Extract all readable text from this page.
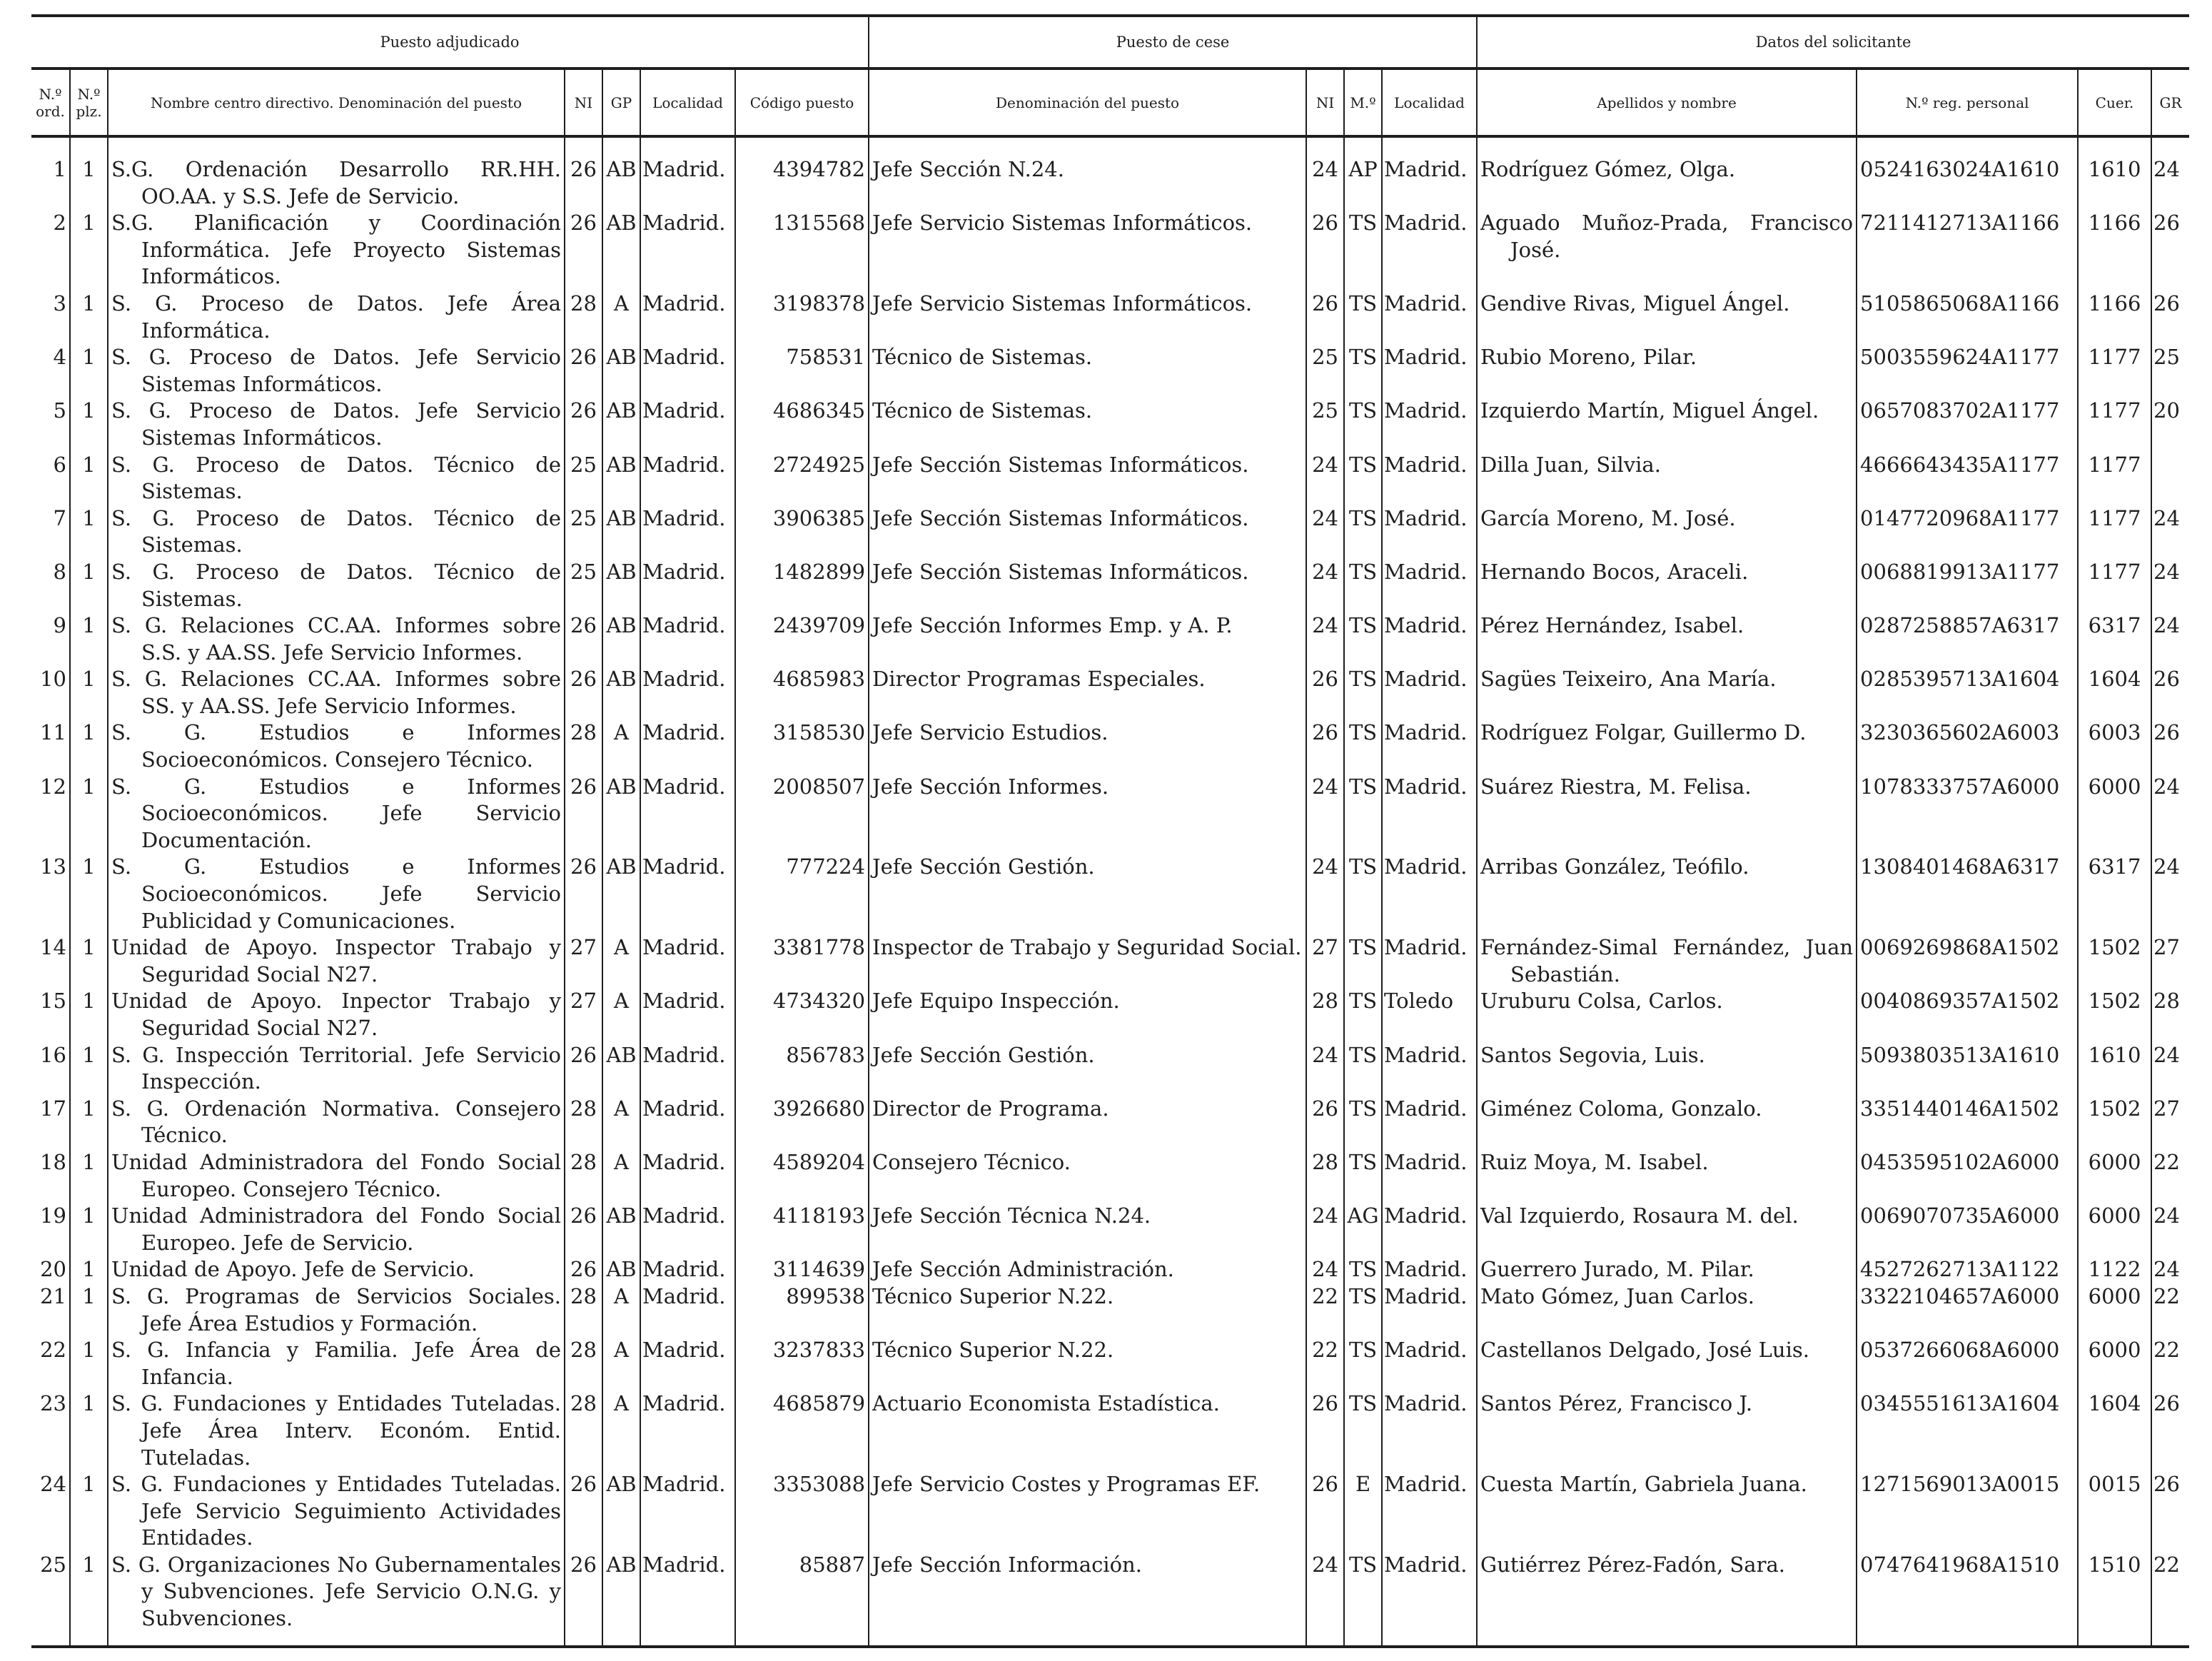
Puesto adjudicado							Puesto de cese				Datos del solicitante			
N.º ord.	N.º plz.	Nombre centro directivo. Denominación del puesto	NI	GP	Localidad	Código puesto	Denominación del puesto	NI	M.º	Localidad	Apellidos y nombre	N.º reg. personal	Cuer.	GR

1	1	S.G. Ordenación Desarrollo RR.HH. OO.AA. y S.S. Jefe de Servicio.	26	AB	Madrid.	4394782	Jefe Sección N.24.	24	AP	Madrid.	Rodríguez Gómez, Olga.	0524163024A1610	1610	24
2	1	S.G. Planificación y Coordinación Informática. Jefe Proyecto Sistemas Informáticos.	26	AB	Madrid.	1315568	Jefe Servicio Sistemas Informáticos.	26	TS	Madrid.	Aguado Muñoz-Prada, Francisco José.	7211412713A1166	1166	26
3	1	S. G. Proceso de Datos. Jefe Área Informática.	28	A	Madrid.	3198378	Jefe Servicio Sistemas Informáticos.	26	TS	Madrid.	Gendive Rivas, Miguel Ángel.	5105865068A1166	1166	26
4	1	S. G. Proceso de Datos. Jefe Servicio Sistemas Informáticos.	26	AB	Madrid.	758531	Técnico de Sistemas.	25	TS	Madrid.	Rubio Moreno, Pilar.	5003559624A1177	1177	25
5	1	S. G. Proceso de Datos. Jefe Servicio Sistemas Informáticos.	26	AB	Madrid.	4686345	Técnico de Sistemas.	25	TS	Madrid.	Izquierdo Martín, Miguel Ángel.	0657083702A1177	1177	20
6	1	S. G. Proceso de Datos. Técnico de Sistemas.	25	AB	Madrid.	2724925	Jefe Sección Sistemas Informáticos.	24	TS	Madrid.	Dilla Juan, Silvia.	4666643435A1177	1177	
7	1	S. G. Proceso de Datos. Técnico de Sistemas.	25	AB	Madrid.	3906385	Jefe Sección Sistemas Informáticos.	24	TS	Madrid.	García Moreno, M. José.	0147720968A1177	1177	24
8	1	S. G. Proceso de Datos. Técnico de Sistemas.	25	AB	Madrid.	1482899	Jefe Sección Sistemas Informáticos.	24	TS	Madrid.	Hernando Bocos, Araceli.	0068819913A1177	1177	24
9	1	S. G. Relaciones CC.AA. Informes sobre S.S. y AA.SS. Jefe Servicio Informes.	26	AB	Madrid.	2439709	Jefe Sección Informes Emp. y A. P.	24	TS	Madrid.	Pérez Hernández, Isabel.	0287258857A6317	6317	24
10	1	S. G. Relaciones CC.AA. Informes sobre SS. y AA.SS. Jefe Servicio Informes.	26	AB	Madrid.	4685983	Director Programas Especiales.	26	TS	Madrid.	Sagües Teixeiro, Ana María.	0285395713A1604	1604	26
11	1	S. G. Estudios e Informes Socioeconómicos. Consejero Técnico.	28	A	Madrid.	3158530	Jefe Servicio Estudios.	26	TS	Madrid.	Rodríguez Folgar, Guillermo D.	3230365602A6003	6003	26
12	1	S. G. Estudios e Informes Socioeconómicos. Jefe Servicio Documentación.	26	AB	Madrid.	2008507	Jefe Sección Informes.	24	TS	Madrid.	Suárez Riestra, M. Felisa.	1078333757A6000	6000	24
13	1	S. G. Estudios e Informes Socioeconómicos. Jefe Servicio Publicidad y Comunicaciones.	26	AB	Madrid.	777224	Jefe Sección Gestión.	24	TS	Madrid.	Arribas González, Teófilo.	1308401468A6317	6317	24
14	1	Unidad de Apoyo. Inspector Trabajo y Seguridad Social N27.	27	A	Madrid.	3381778	Inspector de Trabajo y Seguridad Social.	27	TS	Madrid.	Fernández-Simal Fernández, Juan Sebastián.	0069269868A1502	1502	27
15	1	Unidad de Apoyo. Inpector Trabajo y Seguridad Social N27.	27	A	Madrid.	4734320	Jefe Equipo Inspección.	28	TS	Toledo	Uruburu Colsa, Carlos.	0040869357A1502	1502	28
16	1	S. G. Inspección Territorial. Jefe Servicio Inspección.	26	AB	Madrid.	856783	Jefe Sección Gestión.	24	TS	Madrid.	Santos Segovia, Luis.	5093803513A1610	1610	24
17	1	S. G. Ordenación Normativa. Consejero Técnico.	28	A	Madrid.	3926680	Director de Programa.	26	TS	Madrid.	Giménez Coloma, Gonzalo.	3351440146A1502	1502	27
18	1	Unidad Administradora del Fondo Social Europeo. Consejero Técnico.	28	A	Madrid.	4589204	Consejero Técnico.	28	TS	Madrid.	Ruiz Moya, M. Isabel.	0453595102A6000	6000	22
19	1	Unidad Administradora del Fondo Social Europeo. Jefe de Servicio.	26	AB	Madrid.	4118193	Jefe Sección Técnica N.24.	24	AG	Madrid.	Val Izquierdo, Rosaura M. del.	0069070735A6000	6000	24
20	1	Unidad de Apoyo. Jefe de Servicio.	26	AB	Madrid.	3114639	Jefe Sección Administración.	24	TS	Madrid.	Guerrero Jurado, M. Pilar.	4527262713A1122	1122	24
21	1	S. G. Programas de Servicios Sociales. Jefe Área Estudios y Formación.	28	A	Madrid.	899538	Técnico Superior N.22.	22	TS	Madrid.	Mato Gómez, Juan Carlos.	3322104657A6000	6000	22
22	1	S. G. Infancia y Familia. Jefe Área de Infancia.	28	A	Madrid.	3237833	Técnico Superior N.22.	22	TS	Madrid.	Castellanos Delgado, José Luis.	0537266068A6000	6000	22
23	1	S. G. Fundaciones y Entidades Tuteladas. Jefe Área Interv. Económ. Entid. Tuteladas.	28	A	Madrid.	4685879	Actuario Economista Estadística.	26	TS	Madrid.	Santos Pérez, Francisco J.	0345551613A1604	1604	26
24	1	S. G. Fundaciones y Entidades Tuteladas. Jefe Servicio Seguimiento Actividades Entidades.	26	AB	Madrid.	3353088	Jefe Servicio Costes y Programas EF.	26	E	Madrid.	Cuesta Martín, Gabriela Juana.	1271569013A0015	0015	26
25	1	S. G. Organizaciones No Gubernamentales y Subvenciones. Jefe Servicio O.N.G. y Subvenciones.	26	AB	Madrid.	85887	Jefe Sección Información.	24	TS	Madrid.	Gutiérrez Pérez-Fadón, Sara.	0747641968A1510	1510	22
